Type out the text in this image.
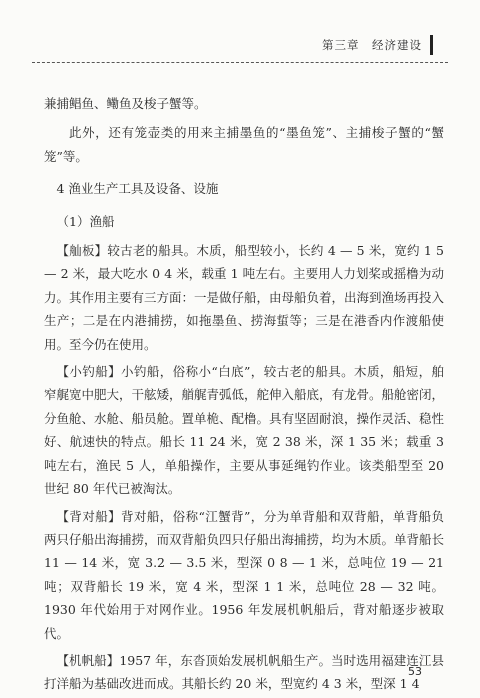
第三章　经济建设

兼捕鲳鱼、鳓鱼及梭子蟹等。

此外，还有笼壶类的用来主捕墨鱼的“墨鱼笼”、主捕梭子蟹的“蟹笼”等。

4 渔业生产工具及设备、设施

（1）渔船

【舢板】较古老的船具。木质，船型较小，长约 4 — 5 米，宽约 1 5 — 2 米，最大吃水 0 4 米，载重 1 吨左右。主要用人力划桨或摇橹为动力。其作用主要有三方面：一是做仔船，由母船负着，出海到渔场再投入生产；二是在内港捕捞，如拖墨鱼、捞海蜇等；三是在港香内作渡船使用。至今仍在使用。

【小钓船】小钓船，俗称小“白底”，较古老的船具。木质，船短，舶窄艉宽中肥大，干舷矮，艏艉青弧低，舵伸入船底，有龙骨。船舱密闭，分鱼舱、水舱、船员舱。置单桅、配橹。具有坚固耐浪，操作灵活、稳性好、航速快的特点。船长 11 24 米，宽 2 38 米，深 1 35 米；载重 3 吨左右，渔民 5 人，单船操作，主要从事延绳钓作业。该类船型至 20 世纪 80 年代已被淘汰。

【背对船】背对船，俗称“江蟹背”，分为单背船和双背船，单背船负两只仔船出海捕捞，而双背船负四只仔船出海捕捞，均为木质。单背船长 11 — 14 米，宽 3.2 — 3.5 米，型深 0 8 — 1 米，总吨位 19 — 21 吨；双背船长 19 米，宽 4 米，型深 1 1 米，总吨位 28 — 32 吨。1930 年代始用于对网作业。1956 年发展机帆船后，背对船逐步被取代。

【机帆船】1957 年，东沓顶始发展机帆船生产。当时选用福建连江县打洋船为基础改进而成。其船长约 20 米，型宽约 4 3 米，型深 1 4

53
